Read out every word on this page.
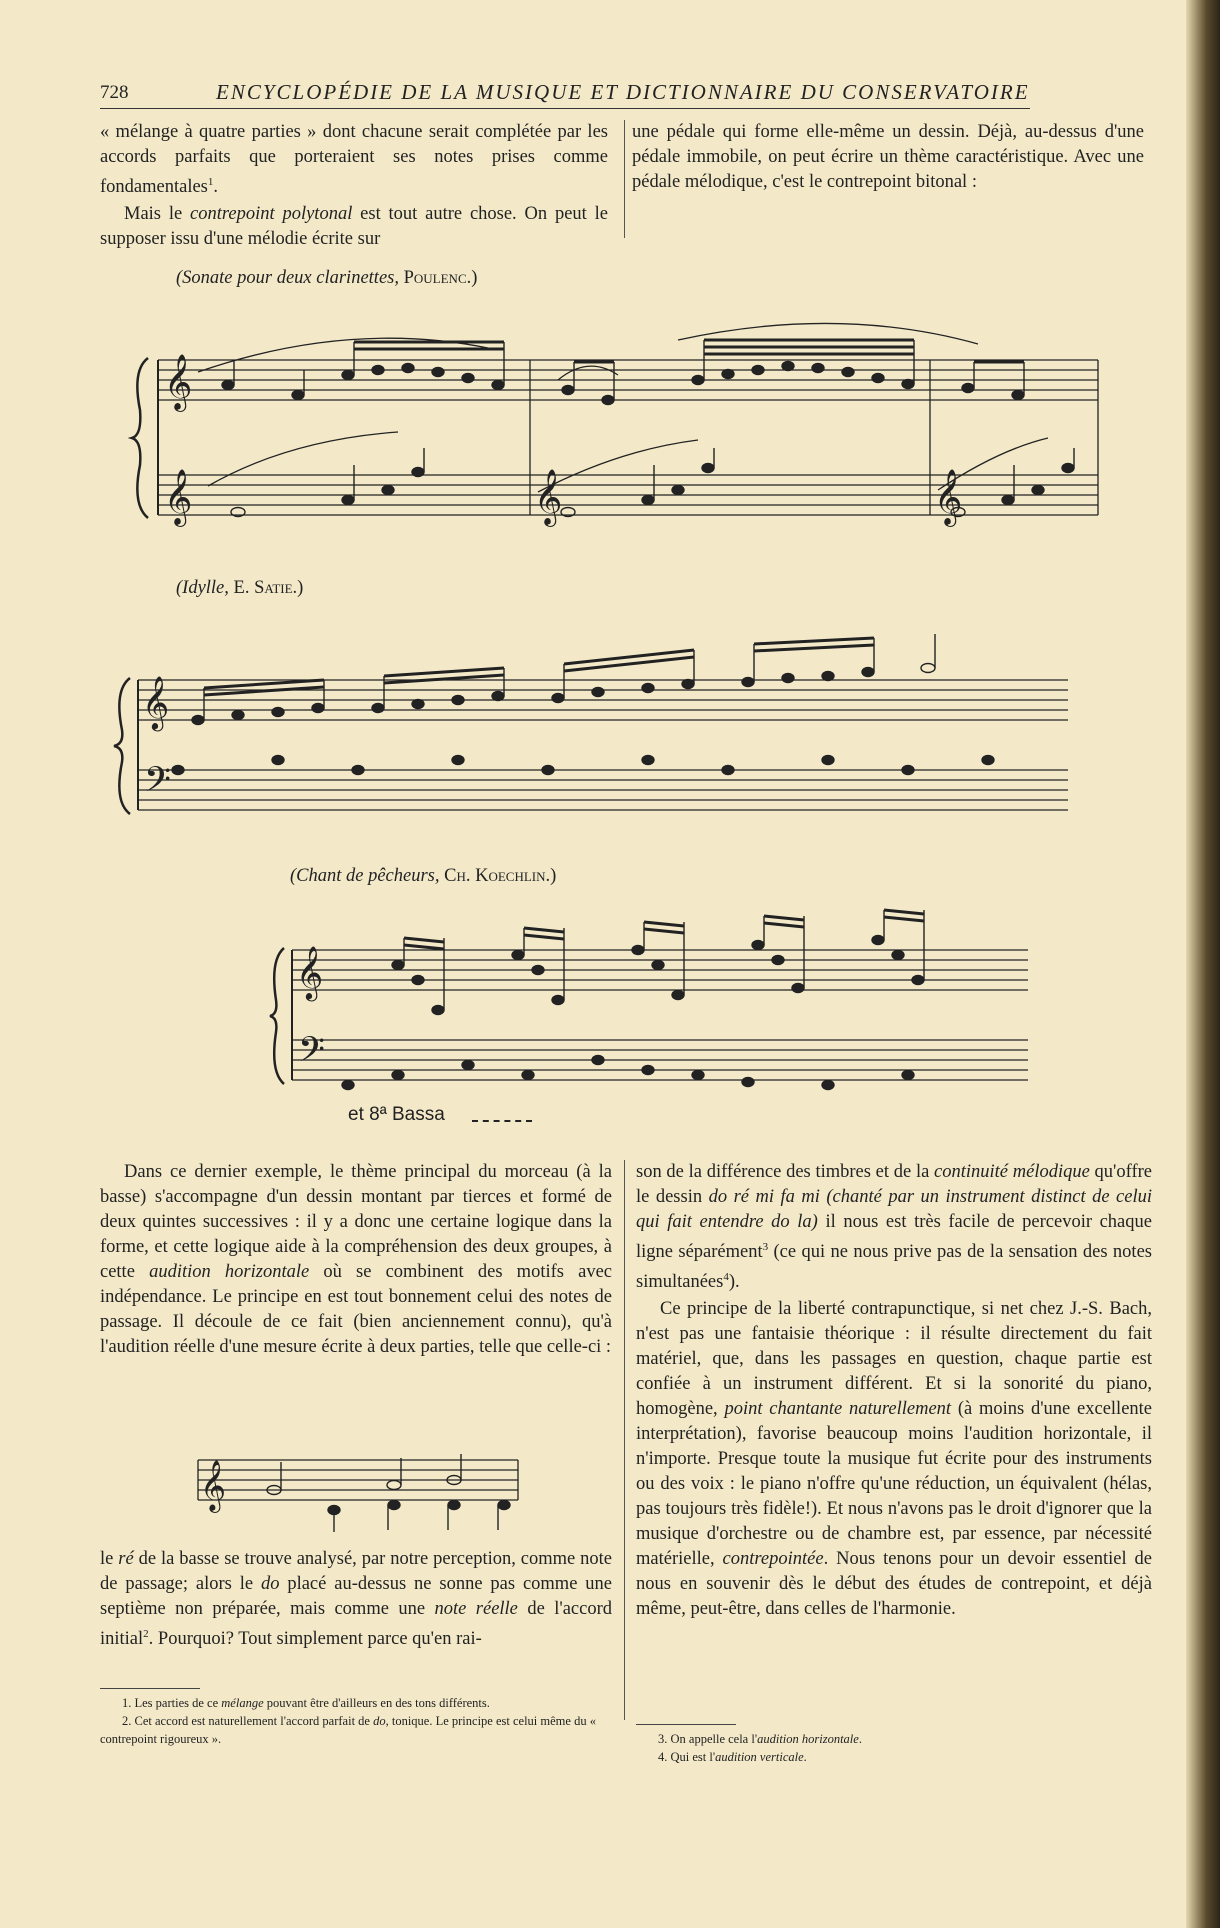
728	ENCYCLOPÉDIE DE LA MUSIQUE ET DICTIONNAIRE DU CONSERVATOIRE

« mélange à quatre parties » dont chacune serait complétée par les accords parfaits que porteraient ses notes prises comme fondamentales$^1$.

Mais le contrepoint polytonal est tout autre chose. On peut le supposer issu d'une mélodie écrite sur

une pédale qui forme elle-même un dessin. Déjà, au-dessus d'une pédale immobile, on peut écrire un thème caractéristique. Avec une pédale mélodique, c'est le contrepoint bitonal :

(Sonate pour deux clarinettes, Poulenc.)
𝄞
𝄞	𝄞	𝄞
(Idylle, E. Satie.)
𝄞
𝄢
(Chant de pêcheurs, Ch. Koechlin.)
𝄞
𝄢
et 8ª Bassa

Dans ce dernier exemple, le thème principal du morceau (à la basse) s'accompagne d'un dessin montant par tierces et formé de deux quintes successives : il y a donc une certaine logique dans la forme, et cette logique aide à la compréhension des deux groupes, à cette audition horizontale où se combinent des motifs avec indépendance. Le principe en est tout bonnement celui des notes de passage. Il découle de ce fait (bien anciennement connu), qu'à l'audition réelle d'une mesure écrite à deux parties, telle que celle-ci :

𝄞

le ré de la basse se trouve analysé, par notre perception, comme note de passage; alors le do placé au-dessus ne sonne pas comme une septième non préparée, mais comme une note réelle de l'accord initial$^2$. Pourquoi? Tout simplement parce qu'en rai-

son de la différence des timbres et de la continuité mélodique qu'offre le dessin do ré mi fa mi (chanté par un instrument distinct de celui qui fait entendre do la) il nous est très facile de percevoir chaque ligne séparément$^3$ (ce qui ne nous prive pas de la sensation des notes simultanées$^4$).

Ce principe de la liberté contrapunctique, si net chez J.-S. Bach, n'est pas une fantaisie théorique : il résulte directement du fait matériel, que, dans les passages en question, chaque partie est confiée à un instrument différent. Et si la sonorité du piano, homogène, point chantante naturellement (à moins d'une excellente interprétation), favorise beaucoup moins l'audition horizontale, il n'importe. Presque toute la musique fut écrite pour des instruments ou des voix : le piano n'offre qu'une réduction, un équivalent (hélas, pas toujours très fidèle!). Et nous n'avons pas le droit d'ignorer que la musique d'orchestre ou de chambre est, par essence, par nécessité matérielle, contrepointée. Nous tenons pour un devoir essentiel de nous en souvenir dès le début des études de contrepoint, et déjà même, peut-être, dans celles de l'harmonie.

1. Les parties de ce mélange pouvant être d'ailleurs en des tons différents.

2. Cet accord est naturellement l'accord parfait de do, tonique. Le principe est celui même du « contrepoint rigoureux ».	3. On appelle cela l'audition horizontale.

4. Qui est l'audition verticale.
